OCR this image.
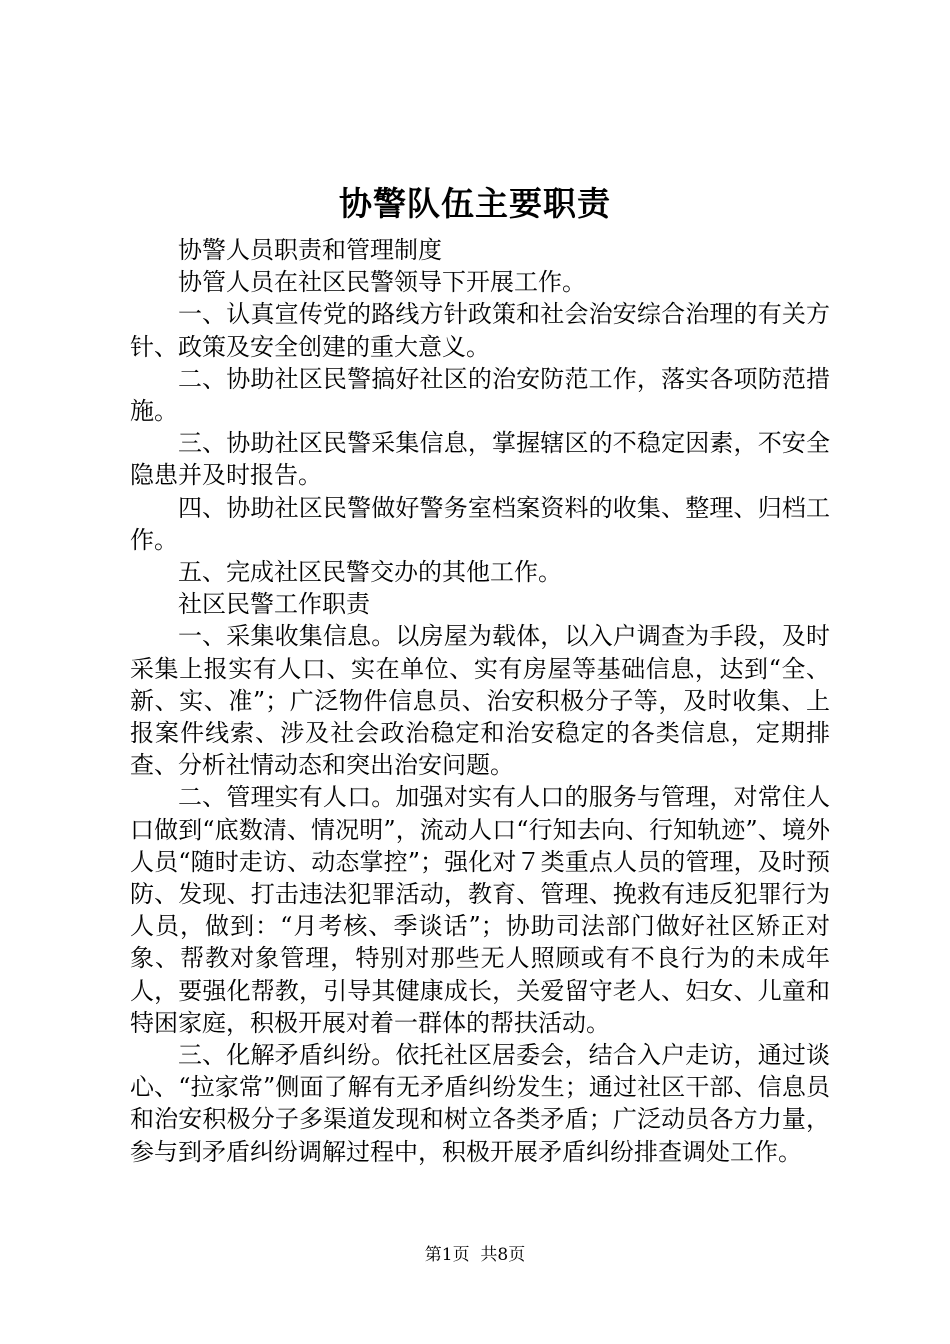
协警队伍主要职责

协警人员职责和管理制度

协管人员在社区民警领导下开展工作。

一、认真宣传党的路线方针政策和社会治安综合治理的有关方针、政策及安全创建的重大意义。

二、协助社区民警搞好社区的治安防范工作，落实各项防范措施。

三、协助社区民警采集信息，掌握辖区的不稳定因素，不安全隐患并及时报告。

四、协助社区民警做好警务室档案资料的收集、整理、归档工作。

五、完成社区民警交办的其他工作。

社区民警工作职责

一、采集收集信息。以房屋为载体，以入户调查为手段，及时采集上报实有人口、实在单位、实有房屋等基础信息，达到“全、新、实、准”；广泛物件信息员、治安积极分子等，及时收集、上报案件线索、涉及社会政治稳定和治安稳定的各类信息，定期排查、分析社情动态和突出治安问题。

二、管理实有人口。加强对实有人口的服务与管理，对常住人口做到“底数清、情况明”，流动人口“行知去向、行知轨迹”、境外人员“随时走访、动态掌控”；强化对７类重点人员的管理，及时预防、发现、打击违法犯罪活动，教育、管理、挽救有违反犯罪行为人员，做到：“月考核、季谈话”；协助司法部门做好社区矫正对象、帮教对象管理，特别对那些无人照顾或有不良行为的未成年人，要强化帮教，引导其健康成长，关爱留守老人、妇女、儿童和特困家庭，积极开展对着一群体的帮扶活动。

三、化解矛盾纠纷。依托社区居委会，结合入户走访，通过谈心、“拉家常”侧面了解有无矛盾纠纷发生；通过社区干部、信息员和治安积极分子多渠道发现和树立各类矛盾；广泛动员各方力量，参与到矛盾纠纷调解过程中，积极开展矛盾纠纷排查调处工作。

第1页  共8页
